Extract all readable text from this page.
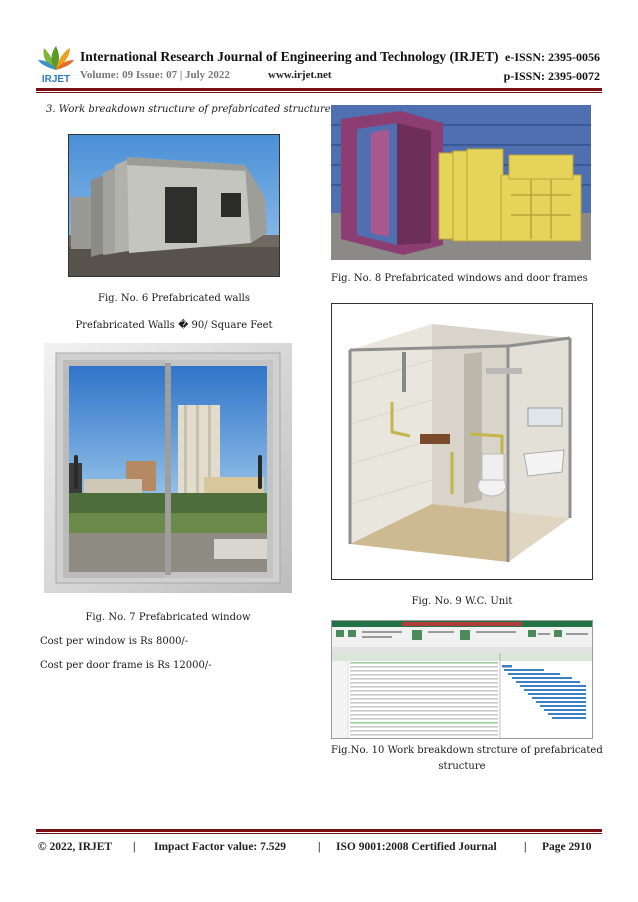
IRJET
International Research Journal of Engineering and Technology (IRJET) e-ISSN: 2395-0056
Volume: 09 Issue: 07 | July 2022	www.irjet.net	p-ISSN: 2395-0072
3. Work breakdown structure of prefabricated structure
Fig. No. 6 Prefabricated walls
Prefabricated Walls � 90/ Square Feet
Fig. No. 7 Prefabricated window
Cost per window is Rs 8000/-
Cost per door frame is Rs 12000/-
Fig. No. 8 Prefabricated windows and door frames
Fig. No. 9 W.C. Unit
Fig.No. 10 Work breakdown strcture of prefabricated
structure
© 2022, IRJET | Impact Factor value: 7.529	| ISO 9001:2008 Certified Journal | Page 2910
